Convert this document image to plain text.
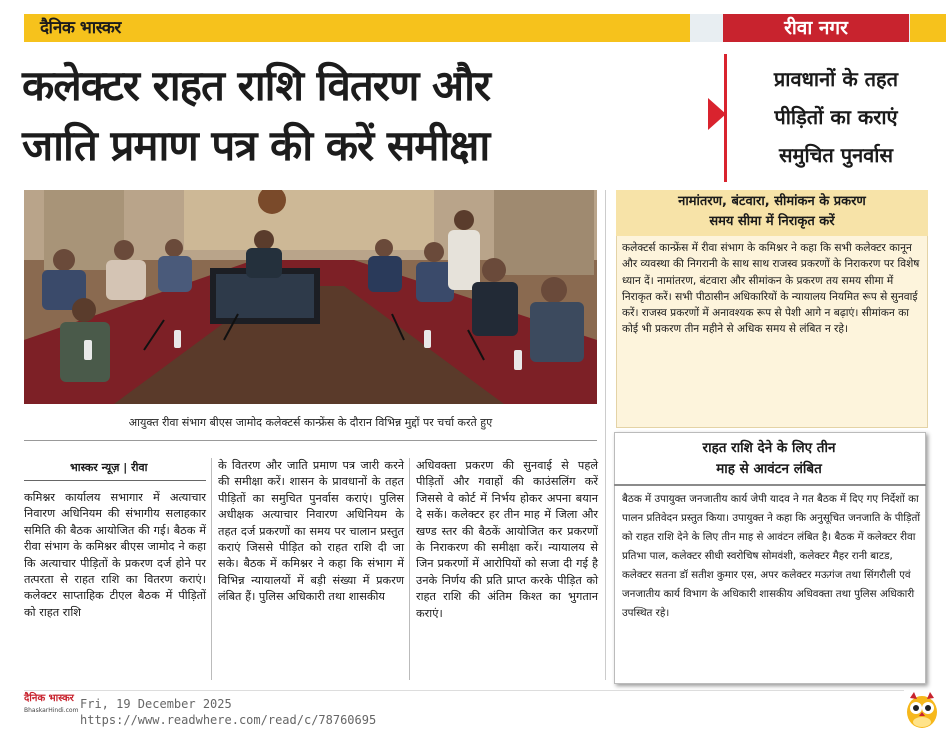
दैनिक भास्कर	रीवा नगर
कलेक्टर राहत राशि वितरण और
जाति प्रमाण पत्र की करें समीक्षा
प्रावधानों के तहत
पीड़ितों का कराएं
समुचित पुनर्वास
आयुक्त रीवा संभाग बीएस जामोद कलेक्टर्स कान्फ्रेंस के दौरान विभिन्न मुद्दों पर चर्चा करते हुए
नामांतरण, बंटवारा, सीमांकन के प्रकरण
समय सीमा में निराकृत करें
कलेक्टर्स कान्फ्रेंस में रीवा संभाग के कमिश्नर ने कहा कि सभी कलेक्टर कानून और व्यवस्था की निगरानी के साथ साथ राजस्व प्रकरणों के निराकरण पर विशेष ध्यान दें। नामांतरण, बंटवारा और सीमांकन के प्रकरण तय समय सीमा में निराकृत करें। सभी पीठासीन अधिकारियों के न्यायालय नियमित रूप से सुनवाई करें। राजस्व प्रकरणों में अनावश्यक रूप से पेशी आगे न बढ़ाएं। सीमांकन का कोई भी प्रकरण तीन महीने से अधिक समय से लंबित न रहे।
राहत राशि देने के लिए तीन
माह से आवंटन लंबित
बैठक में उपायुक्त जनजातीय कार्य जेपी यादव ने गत बैठक में दिए गए निर्देशों का पालन प्रतिवेदन प्रस्तुत किया। उपायुक्त ने कहा कि अनुसूचित जनजाति के पीड़ितों को राहत राशि देने के लिए तीन माह से आवंटन लंबित है। बैठक में कलेक्टर रीवा प्रतिभा पाल, कलेक्टर सीधी स्वरोचिष सोमवंशी, कलेक्टर मैहर रानी बाटड, कलेक्टर सतना डॉ सतीश कुमार एस, अपर कलेक्टर मऊगंज तथा सिंगरौली एवं जनजातीय कार्य विभाग के अधिकारी शासकीय अधिवक्ता तथा पुलिस अधिकारी उपस्थित रहे।
भास्कर न्यूज़ | रीवा
कमिश्नर कार्यालय सभागार में अत्याचार निवारण अधिनियम की संभागीय सलाहकार समिति की बैठक आयोजित की गई। बैठक में रीवा संभाग के कमिश्नर बीएस जामोद ने कहा कि अत्याचार पीड़ितों के प्रकरण दर्ज होने पर तत्परता से राहत राशि का वितरण कराएं। कलेक्टर साप्ताहिक टीएल बैठक में पीड़ितों को राहत राशि
के वितरण और जाति प्रमाण पत्र जारी करने की समीक्षा करें। शासन के प्रावधानों के तहत पीड़ितों का समुचित पुनर्वास कराएं। पुलिस अधीक्षक अत्याचार निवारण अधिनियम के तहत दर्ज प्रकरणों का समय पर चालान प्रस्तुत कराएं जिससे पीड़ित को राहत राशि दी जा सके। बैठक में कमिश्नर ने कहा कि संभाग में विभिन्न न्यायालयों में बड़ी संख्या में प्रकरण लंबित हैं। पुलिस अधिकारी तथा शासकीय
अधिवक्ता प्रकरण की सुनवाई से पहले पीड़ितों और गवाहों की काउंसलिंग करें जिससे वे कोर्ट में निर्भय होकर अपना बयान दे सकें। कलेक्टर हर तीन माह में जिला और खण्ड स्तर की बैठकें आयोजित कर प्रकरणों के निराकरण की समीक्षा करें। न्यायालय से जिन प्रकरणों में आरोपियों को सजा दी गई है उनके निर्णय की प्रति प्राप्त करके पीड़ित को राहत राशि की अंतिम किश्त का भुगतान कराएं।
दैनिक भास्कर
BhaskarHindi.com Fri, 19 December 2025
https://www.readwhere.com/read/c/78760695
